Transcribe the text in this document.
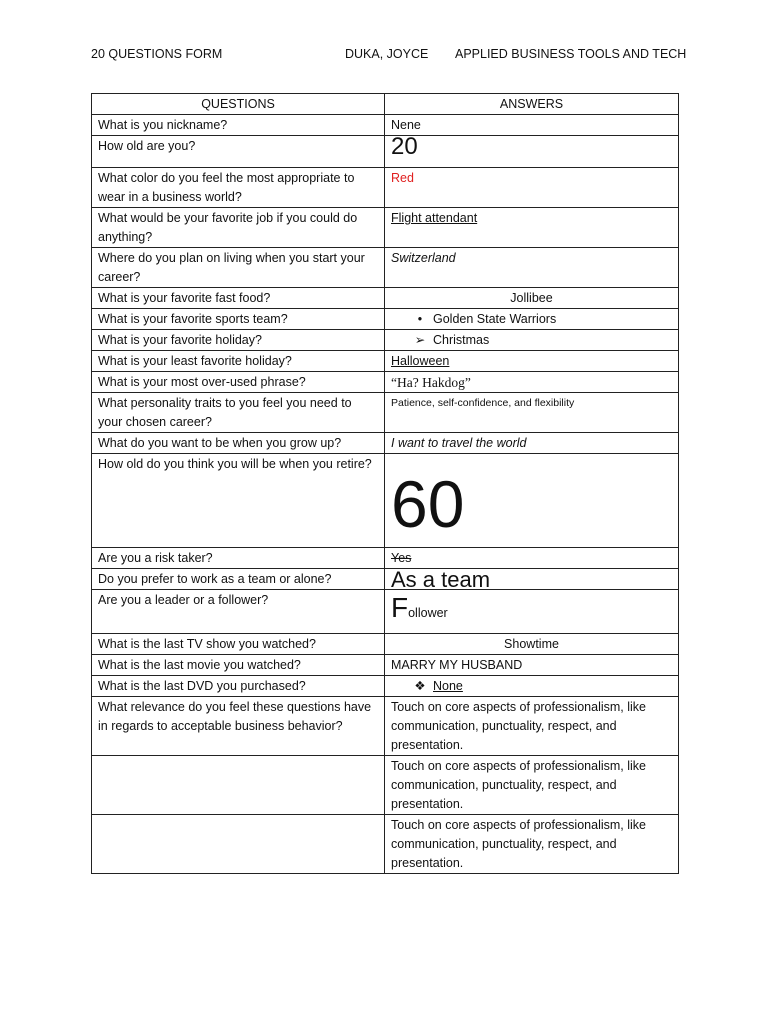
20 QUESTIONS FORM	DUKA, JOYCE APPLIED BUSINESS TOOLS AND TECH
QUESTIONS	ANSWERS
What is you nickname?	Nene
How old are you?	20
What color do you feel the most appropriate to wear in a business world?	Red
What would be your favorite job if you could do anything?	Flight attendant
Where do you plan on living when you start your career?	Switzerland
What is your favorite fast food?	Jollibee
What is your favorite sports team?	• Golden State Warriors
What is your favorite holiday?	➢ Christmas
What is your least favorite holiday?	Halloween
What is your most over-used phrase?	“Ha? Hakdog”
What personality traits to you feel you need to your chosen career?	Patience, self-confidence, and flexibility
What do you want to be when you grow up?	I want to travel the world
How old do you think you will be when you retire?	60
Are you a risk taker?	Yes
Do you prefer to work as a team or alone?	As a team
Are you a leader or a follower?	Follower
What is the last TV show you watched?	Showtime
What is the last movie you watched?	MARRY MY HUSBAND
What is the last DVD you purchased?	❖ None
What relevance do you feel these questions have in regards to acceptable business behavior?	Touch on core aspects of professionalism, like communication, punctuality, respect, and presentation.
	Touch on core aspects of professionalism, like communication, punctuality, respect, and presentation.
	Touch on core aspects of professionalism, like communication, punctuality, respect, and presentation.
